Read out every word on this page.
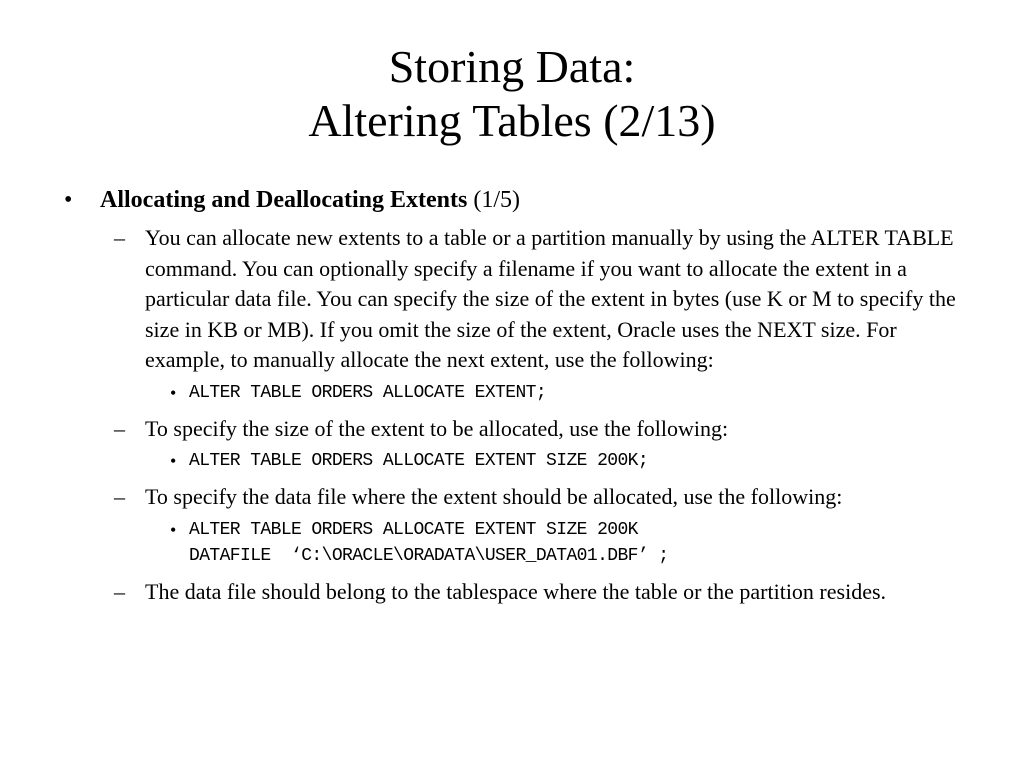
Storing Data:
Altering Tables (2/13)
• Allocating and Deallocating Extents (1/5)
– You can allocate new extents to a table or a partition manually by using the ALTER TABLE command. You can optionally specify a filename if you want to allocate the extent in a particular data file. You can specify the size of the extent in bytes (use K or M to specify the size in KB or MB). If you omit the size of the extent, Oracle uses the NEXT size. For example, to manually allocate the next extent, use the following:
• ALTER TABLE ORDERS ALLOCATE EXTENT;
– To specify the size of the extent to be allocated, use the following:
• ALTER TABLE ORDERS ALLOCATE EXTENT SIZE 200K;
– To specify the data file where the extent should be allocated, use the following:
• ALTER TABLE ORDERS ALLOCATE EXTENT SIZE 200K
DATAFILE  ‘C:\ORACLE\ORADATA\USER_DATA01.DBF’ ;
– The data file should belong to the tablespace where the table or the partition resides.
